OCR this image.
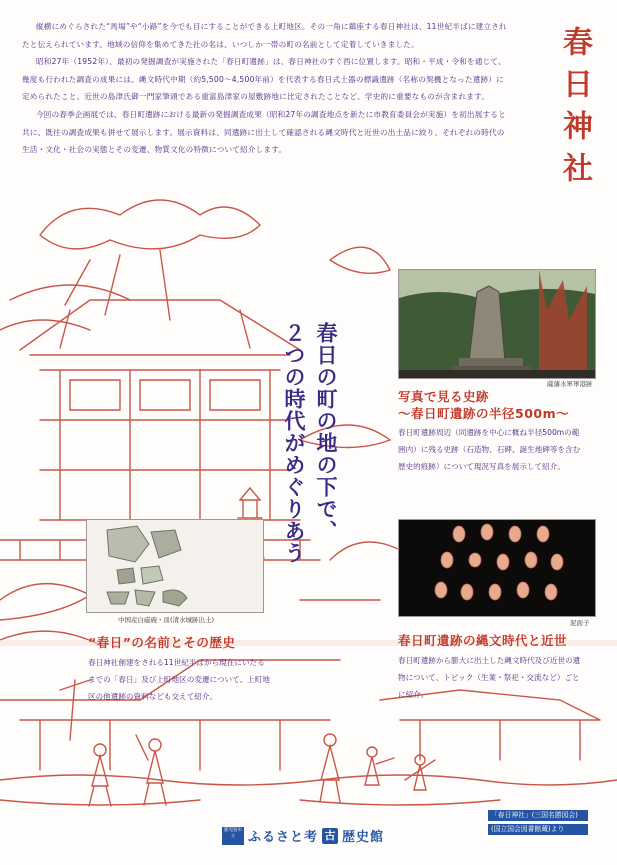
縦横にめぐらされた“馬場”や“小路”を今でも目にすることができる上町地区。その一角に鎮座する春日神社は、11世紀半ばに建立されたと伝えられています。地域の信仰を集めてきた社の名は、いつしか一帯の町の名前として定着していきました。

昭和27年（1952年）、最初の発掘調査が実施された「春日町遺跡」は、春日神社のすぐ西に位置します。昭和・平成・令和を通じて、幾度も行われた調査の成果には、縄文時代中期（約5,500〜4,500年前）を代表する春日式土器の標識遺跡（名称の契機となった遺跡）に定められたこと、近世の島津氏御一門家筆頭である重富島津家の屋敷跡地に比定されたことなど、学史的に重要なものが含まれます。

今回の春季企画展では、春日町遺跡における最新の発掘調査成果（昭和27年の調査地点を新たに市教育委員会が実施）を初出展すると共に、既往の調査成果も併せて展示します。展示資料は、同遺跡に出土して確認される縄文時代と近世の出土品に絞り、それぞれの時代の生活・文化・社会の実態とその変遷、物質文化の特徴について紹介します。	春日神社
春日の町の地の下で、
２つの時代がめぐりあう	薩藩水軍軍港跡
写真で見る史跡
〜春日町遺跡の半径500m〜

春日町遺跡周辺（同遺跡を中心に概ね半径500mの範囲内）に残る史跡（石造物、石碑、誕生地碑等を含む歴史的痕跡）について現況写真を展示して紹介。

中国産白磁碗・皿(清水城跡出土)	泥面子
“春日”の名前とその歴史

春日神社創建をされる11世紀半ばから現在にいたるまでの「春日」及び上町地区の変遷について、上町地区の他遺跡の資料なども交えて紹介。

春日町遺跡の縄文時代と近世

春日町遺跡から膨大に出土した縄文時代及び近世の遺物について、トピック（生業・祭祀・交流など）ごとに紹介。

鹿児島市立 ふるさと考 古 歴史館
「春日神社」(三国名勝図会)
(国立国会図書館蔵)より
